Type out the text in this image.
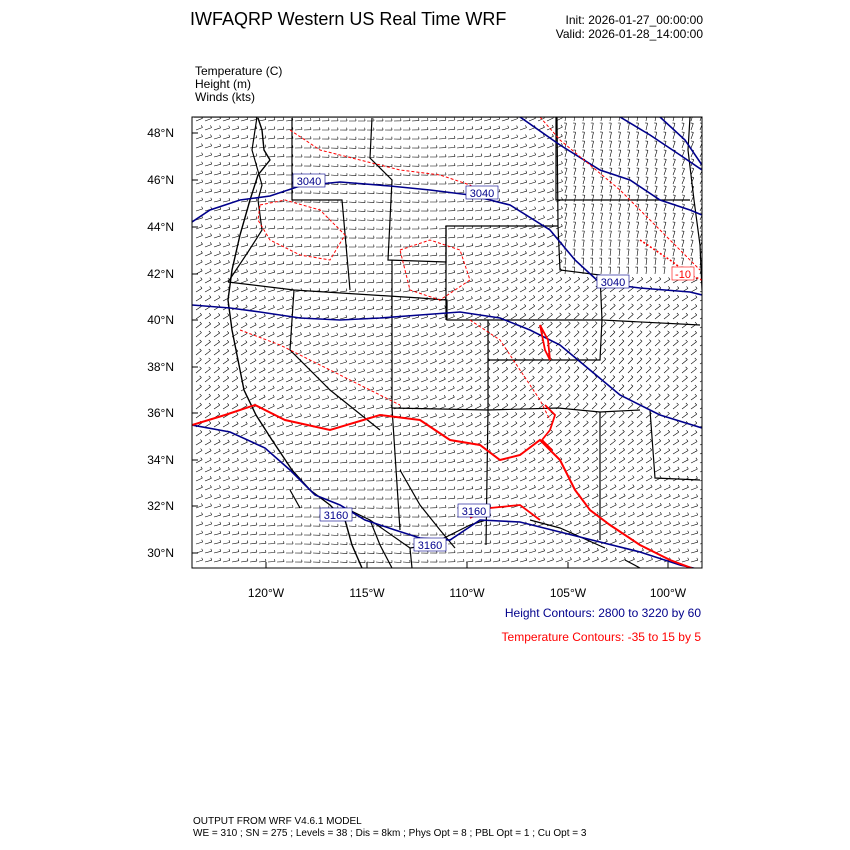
IWFAQRP Western US Real Time WRF	Init: 2026-01-27_00:00:00
Valid: 2026-01-28_14:00:00
Temperature (C)
Height (m)
Winds (kts)
3040
3040
3040
3160	3160
3160
-10
48°N
46°N
44°N
42°N
40°N
38°N
36°N
34°N
32°N
30°N
120°W	115°W	110°W	105°W	100°W
Height Contours: 2800 to 3220 by 60
Temperature Contours: -35 to 15 by 5
OUTPUT FROM WRF V4.6.1 MODEL
WE = 310 ; SN = 275 ; Levels = 38 ; Dis = 8km ; Phys Opt = 8 ; PBL Opt = 1 ; Cu Opt = 3
